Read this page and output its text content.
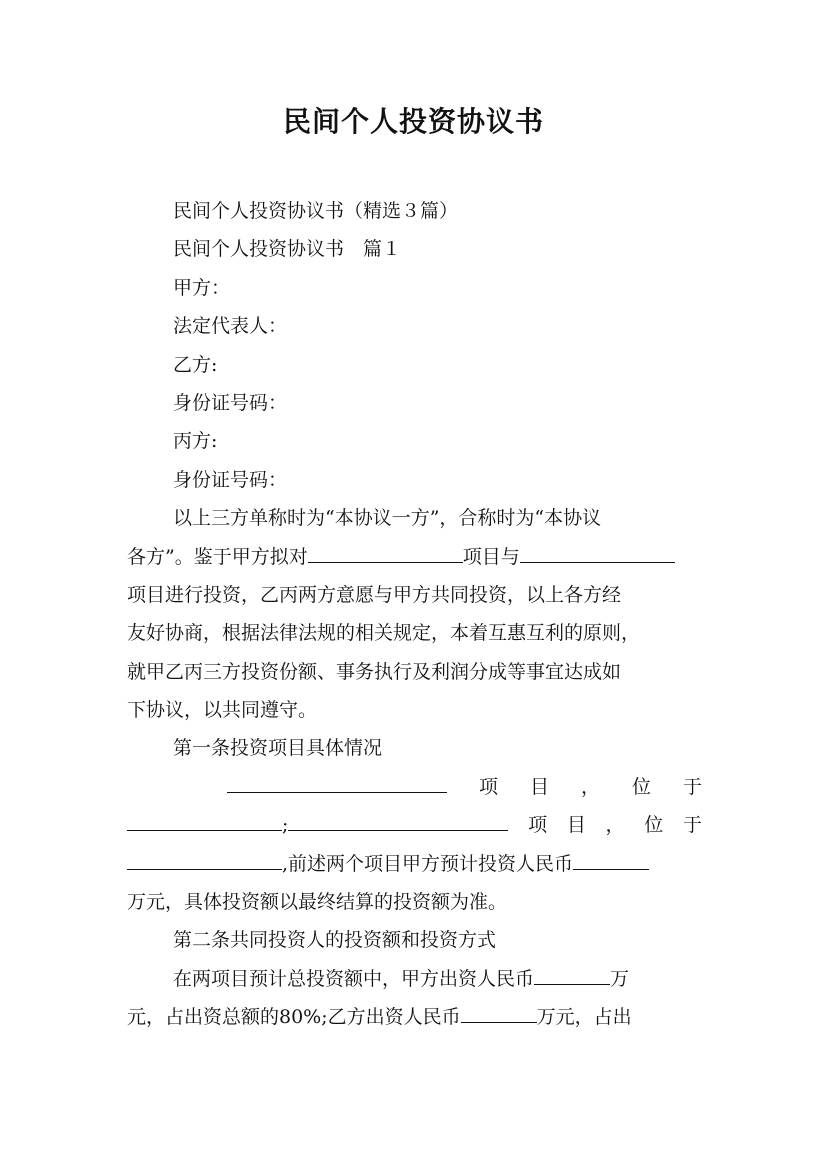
民间个人投资协议书
民间个人投资协议书（精选３篇）
民间个人投资协议书　篇１
甲方：
法定代表人：
乙方:
身份证号码：
丙方:
身份证号码：
以上三方单称时为“本协议一方”，合称时为“本协议
各方”。鉴于甲方拟对	项目与
项目进行投资，乙丙两方意愿与甲方共同投资，以上各方经
友好协商，根据法律法规的相关规定，本着互惠互利的原则，
就甲乙丙三方投资份额、事务执行及利润分成等事宜达成如
下协议，以共同遵守。
第一条投资项目具体情况
项 目 ， 位 于
;	项 目 ， 位 于
,前述两个项目甲方预计投资人民币
万元，具体投资额以最终结算的投资额为准。
第二条共同投资人的投资额和投资方式
在两项目预计总投资额中，甲方出资人民币	万
元，占出资总额的80%;乙方出资人民币	万元，占出
